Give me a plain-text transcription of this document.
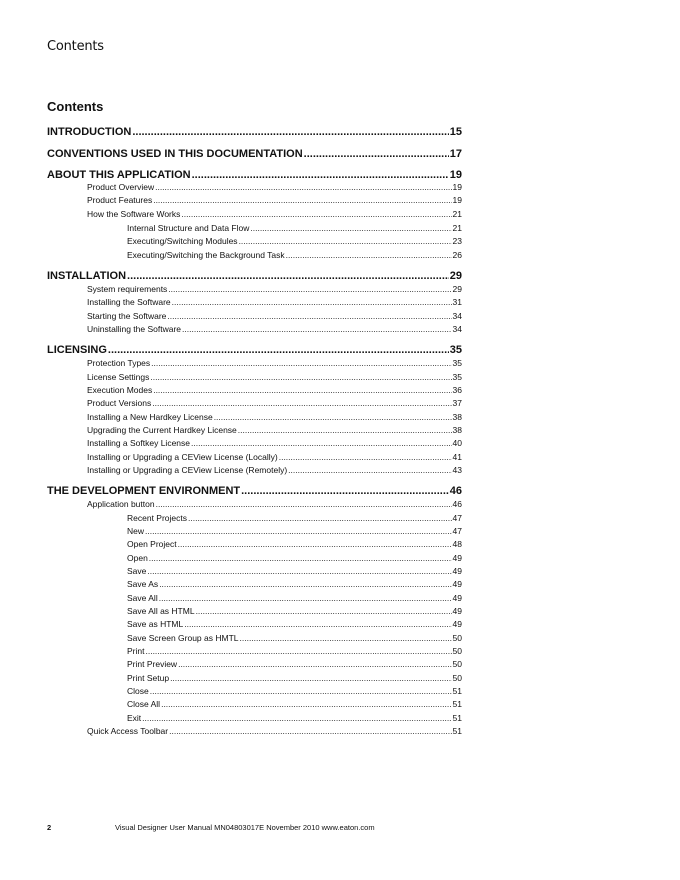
Contents
Contents
INTRODUCTION .....	15
CONVENTIONS USED IN THIS DOCUMENTATION .....	17
ABOUT THIS APPLICATION .....	19
Product Overview .....	19
Product Features .....	19
How the Software Works .....	21
Internal Structure and Data Flow .....	21
Executing/Switching Modules .....	23
Executing/Switching the Background Task .....	26
INSTALLATION .....	29
System requirements .....	29
Installing the Software .....	31
Starting the Software .....	34
Uninstalling the Software .....	34
LICENSING .....	35
Protection Types .....	35
License Settings .....	35
Execution Modes .....	36
Product Versions .....	37
Installing a New Hardkey License .....	38
Upgrading the Current Hardkey License .....	38
Installing a Softkey License .....	40
Installing or Upgrading a CEView License (Locally) .....	41
Installing or Upgrading a CEView License (Remotely) .....	43
THE DEVELOPMENT ENVIRONMENT .....	46
Application button .....	46
Recent Projects .....	47
New .....	47
Open Project .....	48
Open .....	49
Save .....	49
Save As .....	49
Save All .....	49
Save All as HTML .....	49
Save as HTML .....	49
Save Screen Group as HMTL .....	50
Print .....	50
Print Preview .....	50
Print Setup .....	50
Close .....	51
Close All .....	51
Exit .....	51
Quick Access Toolbar .....	51
2	Visual Designer User Manual MN04803017E November 2010 www.eaton.com
